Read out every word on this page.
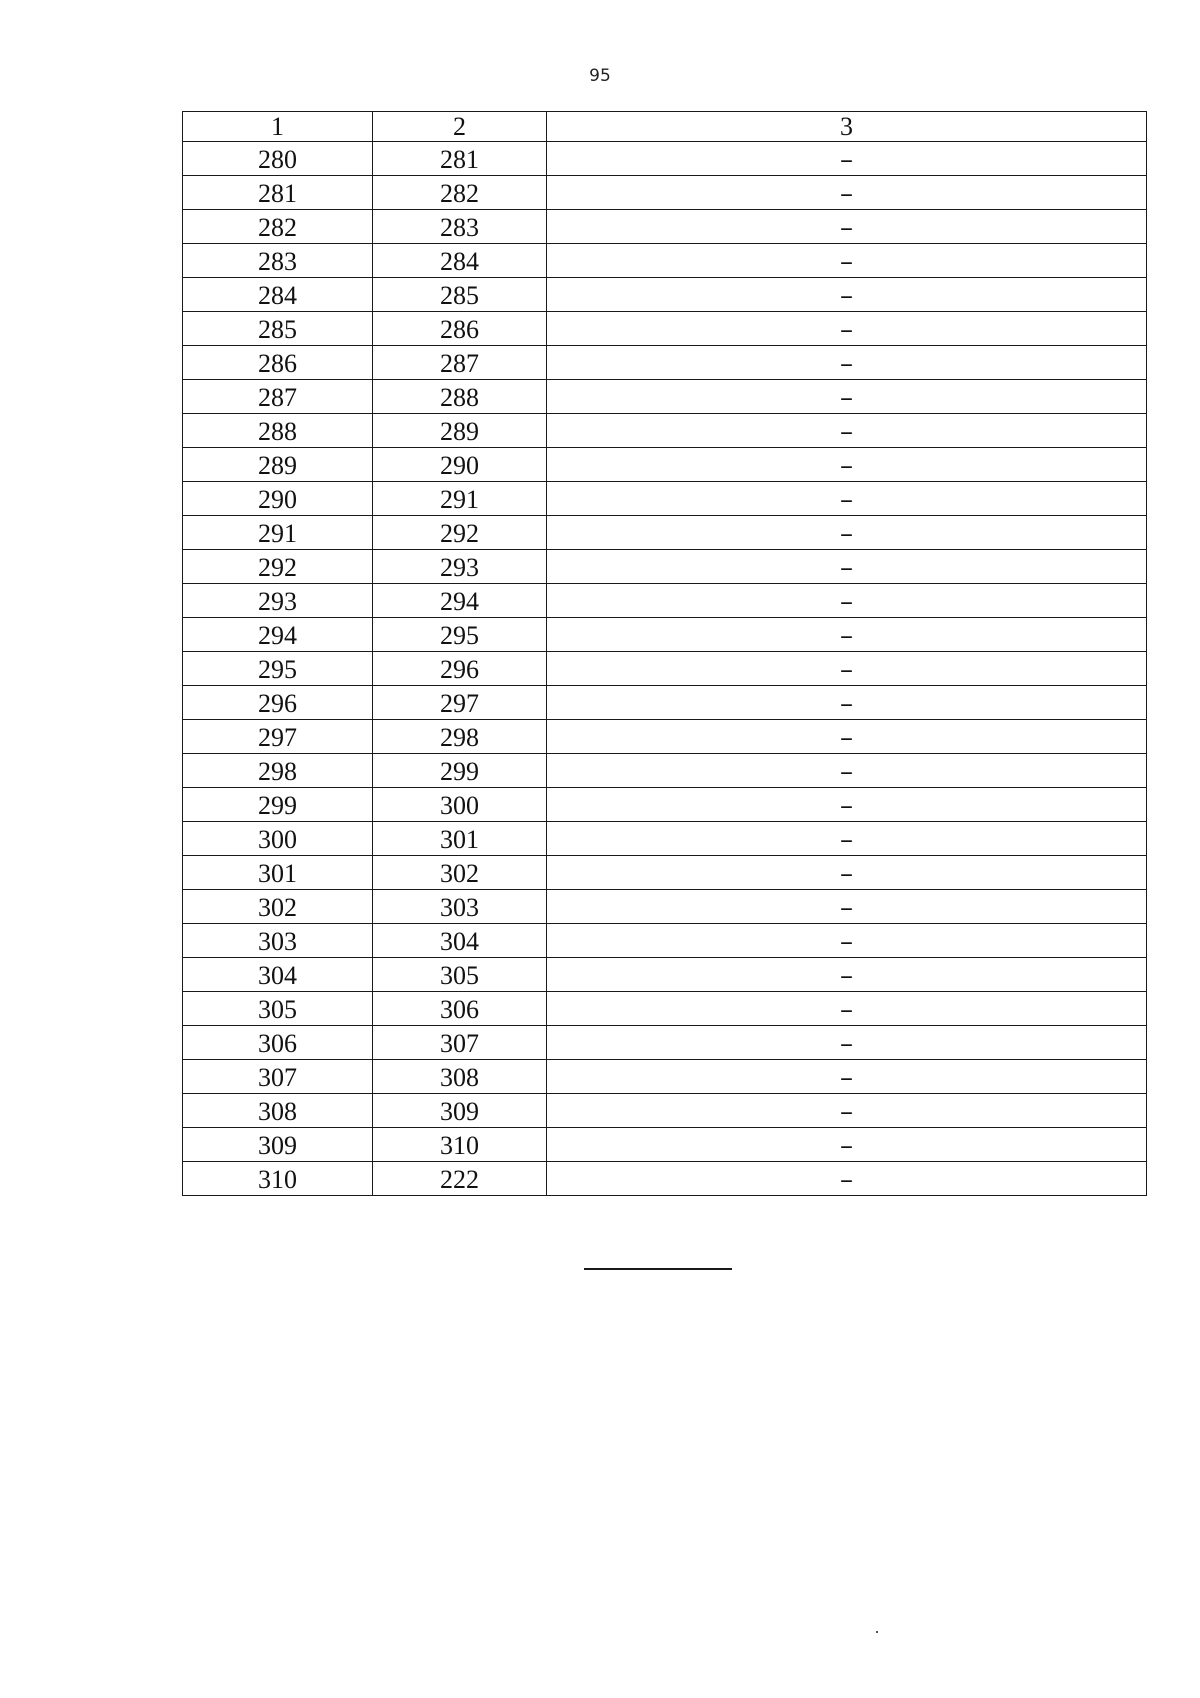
95
1	2	3
280	281	–
281	282	–
282	283	–
283	284	–
284	285	–
285	286	–
286	287	–
287	288	–
288	289	–
289	290	–
290	291	–
291	292	–
292	293	–
293	294	–
294	295	–
295	296	–
296	297	–
297	298	–
298	299	–
299	300	–
300	301	–
301	302	–
302	303	–
303	304	–
304	305	–
305	306	–
306	307	–
307	308	–
308	309	–
309	310	–
310	222	–
